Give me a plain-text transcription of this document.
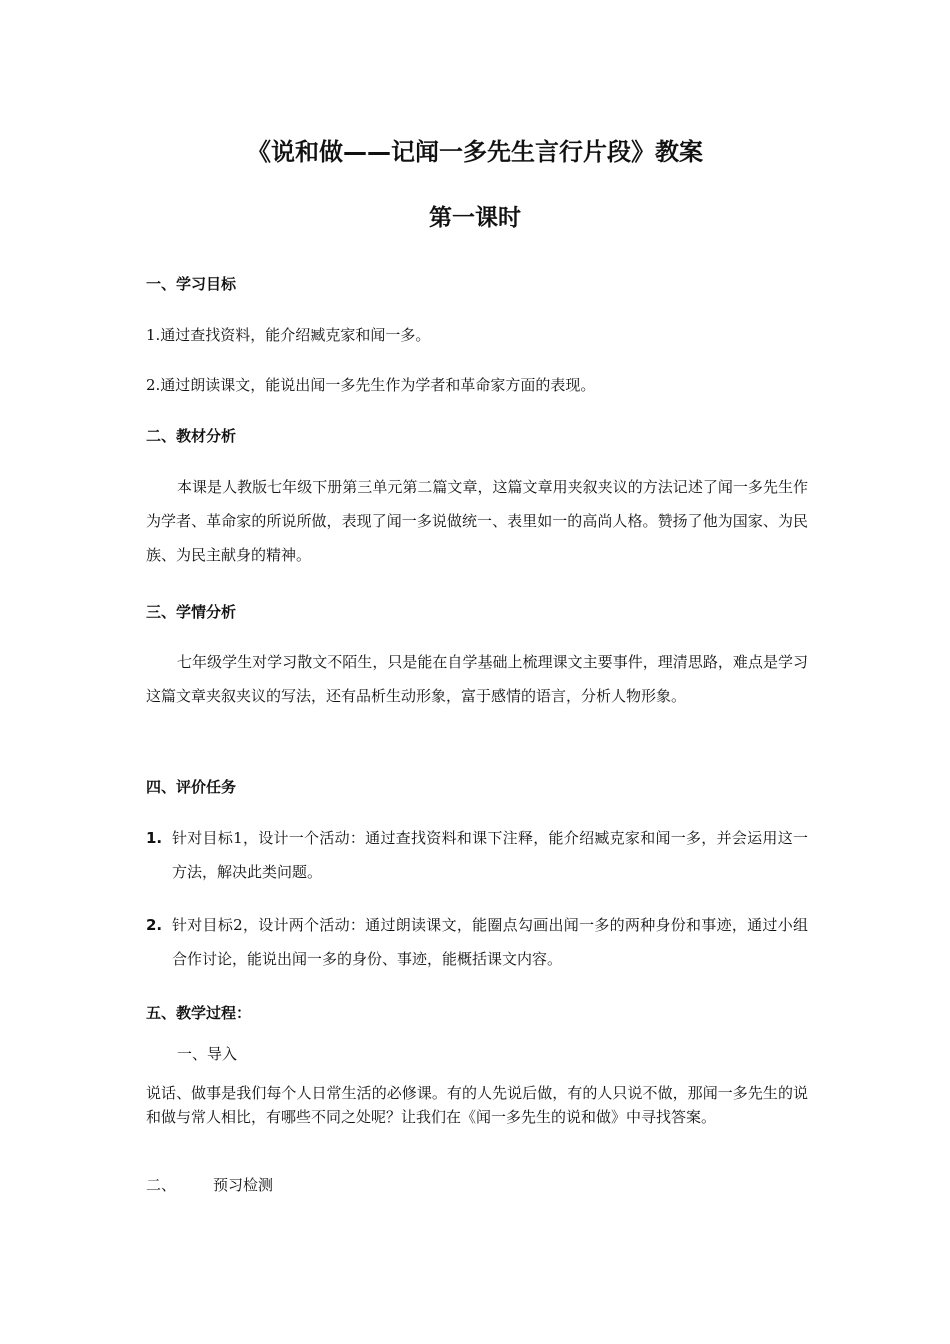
《说和做——记闻一多先生言行片段》教案
第一课时
一、学习目标
1.通过查找资料，能介绍臧克家和闻一多。
2.通过朗读课文，能说出闻一多先生作为学者和革命家方面的表现。
二、教材分析
本课是人教版七年级下册第三单元第二篇文章，这篇文章用夹叙夹议的方法记述了闻一多先生作为学者、革命家的所说所做，表现了闻一多说做统一、表里如一的高尚人格。赞扬了他为国家、为民族、为民主献身的精神。
三、学情分析
七年级学生对学习散文不陌生，只是能在自学基础上梳理课文主要事件，理清思路，难点是学习这篇文章夹叙夹议的写法，还有品析生动形象，富于感情的语言，分析人物形象。
四、评价任务
1. 针对目标1，设计一个活动：通过查找资料和课下注释，能介绍臧克家和闻一多，并会运用这一方法，解决此类问题。
2. 针对目标2，设计两个活动：通过朗读课文，能圈点勾画出闻一多的两种身份和事迹，通过小组合作讨论，能说出闻一多的身份、事迹，能概括课文内容。
五、教学过程：
一、导入
说话、做事是我们每个人日常生活的必修课。有的人先说后做，有的人只说不做，那闻一多先生的说和做与常人相比，有哪些不同之处呢？让我们在《闻一多先生的说和做》中寻找答案。
二、 预习检测
